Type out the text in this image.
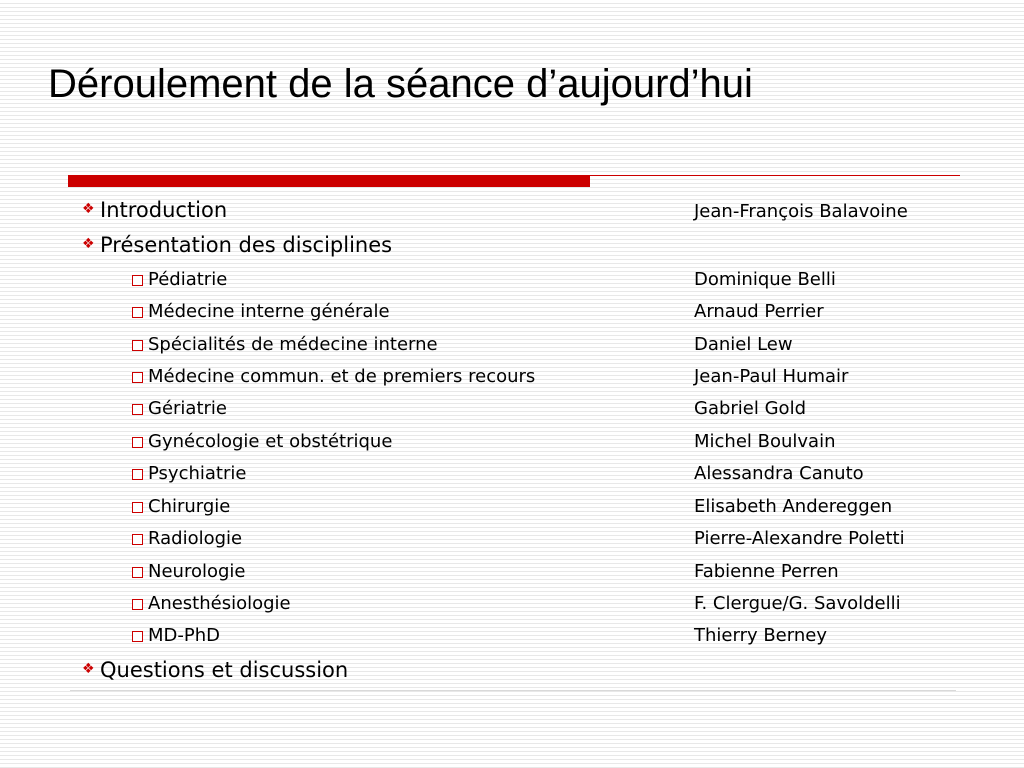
Déroulement de la séance d’aujourd’hui
❖ Introduction	Jean-François Balavoine
❖ Présentation des disciplines
Pédiatrie	Dominique Belli
Médecine interne générale	Arnaud Perrier
Spécialités de médecine interne	Daniel Lew
Médecine commun. et de premiers recours	Jean-Paul Humair
Gériatrie	Gabriel Gold
Gynécologie et obstétrique	Michel Boulvain
Psychiatrie	Alessandra Canuto
Chirurgie	Elisabeth Andereggen
Radiologie	Pierre-Alexandre Poletti
Neurologie	Fabienne Perren
Anesthésiologie	F. Clergue/G. Savoldelli
MD-PhD	Thierry Berney
❖ Questions et discussion
